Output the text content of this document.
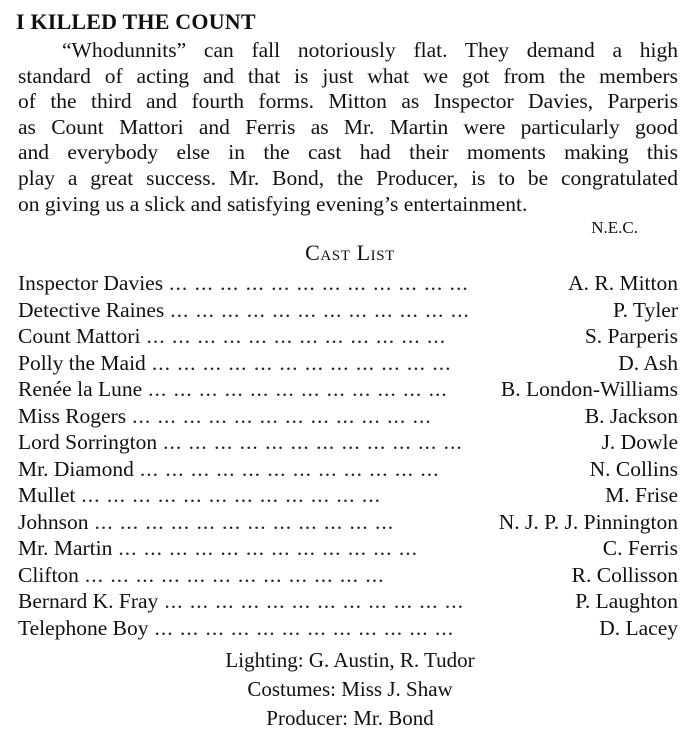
I KILLED THE COUNT
“Whodunnits” can fall notoriously flat. They demand a high
standard of acting and that is just what we got from the members
of the third and fourth forms. Mitton as Inspector Davies, Parperis
as Count Mattori and Ferris as Mr. Martin were particularly good
and everybody else in the cast had their moments making this
play a great success. Mr. Bond, the Producer, is to be congratulated
on giving us a slick and satisfying evening’s entertainment.
N.E.C.
Cast List
Inspector Davies ... ... ... ... ... ... ... ... ... ... ... ...	A. R. Mitton
Detective Raines ... ... ... ... ... ... ... ... ... ... ... ...	P. Tyler
Count Mattori ... ... ... ... ... ... ... ... ... ... ... ...	S. Parperis
Polly the Maid ... ... ... ... ... ... ... ... ... ... ... ...	D. Ash
Renée la Lune ... ... ... ... ... ... ... ... ... ... ... ...	B. London-Williams
Miss Rogers ... ... ... ... ... ... ... ... ... ... ... ...	B. Jackson
Lord Sorrington ... ... ... ... ... ... ... ... ... ... ... ...	J. Dowle
Mr. Diamond ... ... ... ... ... ... ... ... ... ... ... ...	N. Collins
Mullet ... ... ... ... ... ... ... ... ... ... ... ...	M. Frise
Johnson ... ... ... ... ... ... ... ... ... ... ... ...	N. J. P. J. Pinnington
Mr. Martin ... ... ... ... ... ... ... ... ... ... ... ...	C. Ferris
Clifton ... ... ... ... ... ... ... ... ... ... ... ...	R. Collisson
Bernard K. Fray ... ... ... ... ... ... ... ... ... ... ... ...	P. Laughton
Telephone Boy ... ... ... ... ... ... ... ... ... ... ... ...	D. Lacey
Lighting: G. Austin, R. Tudor
Costumes: Miss J. Shaw
Producer: Mr. Bond
